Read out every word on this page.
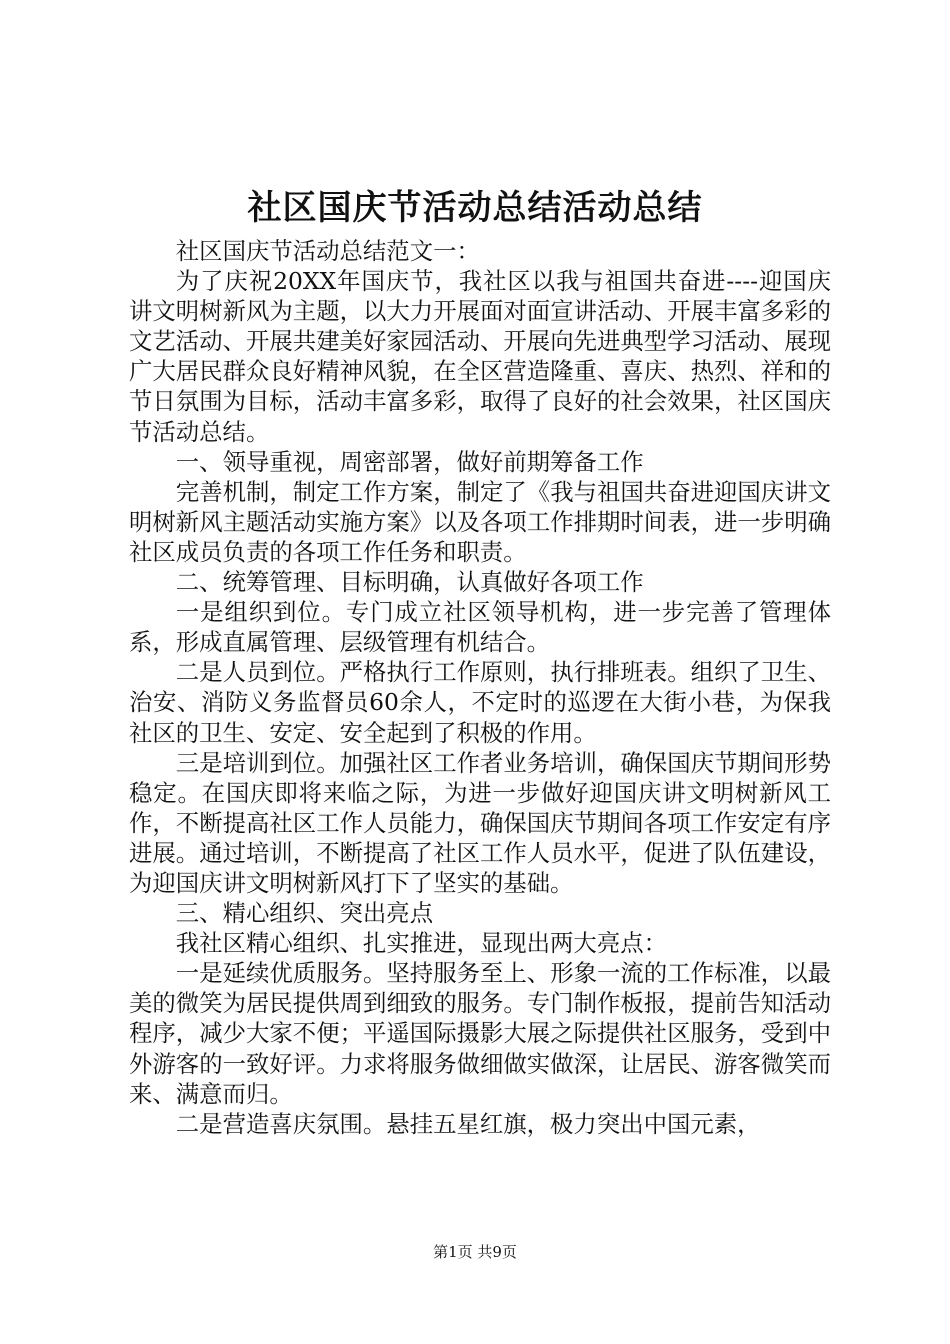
社区国庆节活动总结活动总结

社区国庆节活动总结范文一：

为了庆祝20XX年国庆节，我社区以我与祖国共奋进----迎国庆讲文明树新风为主题，以大力开展面对面宣讲活动、开展丰富多彩的文艺活动、开展共建美好家园活动、开展向先进典型学习活动、展现广大居民群众良好精神风貌，在全区营造隆重、喜庆、热烈、祥和的节日氛围为目标，活动丰富多彩，取得了良好的社会效果，社区国庆节活动总结。

一、领导重视，周密部署，做好前期筹备工作

完善机制，制定工作方案，制定了《我与祖国共奋进迎国庆讲文明树新风主题活动实施方案》以及各项工作排期时间表，进一步明确社区成员负责的各项工作任务和职责。

二、统筹管理、目标明确，认真做好各项工作

一是组织到位。专门成立社区领导机构，进一步完善了管理体系，形成直属管理、层级管理有机结合。

二是人员到位。严格执行工作原则，执行排班表。组织了卫生、治安、消防义务监督员60余人，不定时的巡逻在大街小巷，为保我社区的卫生、安定、安全起到了积极的作用。

三是培训到位。加强社区工作者业务培训，确保国庆节期间形势稳定。在国庆即将来临之际，为进一步做好迎国庆讲文明树新风工作，不断提高社区工作人员能力，确保国庆节期间各项工作安定有序进展。通过培训，不断提高了社区工作人员水平，促进了队伍建设，为迎国庆讲文明树新风打下了坚实的基础。

三、精心组织、突出亮点

我社区精心组织、扎实推进，显现出两大亮点：

一是延续优质服务。坚持服务至上、形象一流的工作标准，以最美的微笑为居民提供周到细致的服务。专门制作板报，提前告知活动程序，减少大家不便；平遥国际摄影大展之际提供社区服务，受到中外游客的一致好评。力求将服务做细做实做深，让居民、游客微笑而来、满意而归。

二是营造喜庆氛围。悬挂五星红旗，极力突出中国元素，

第1页 共9页
